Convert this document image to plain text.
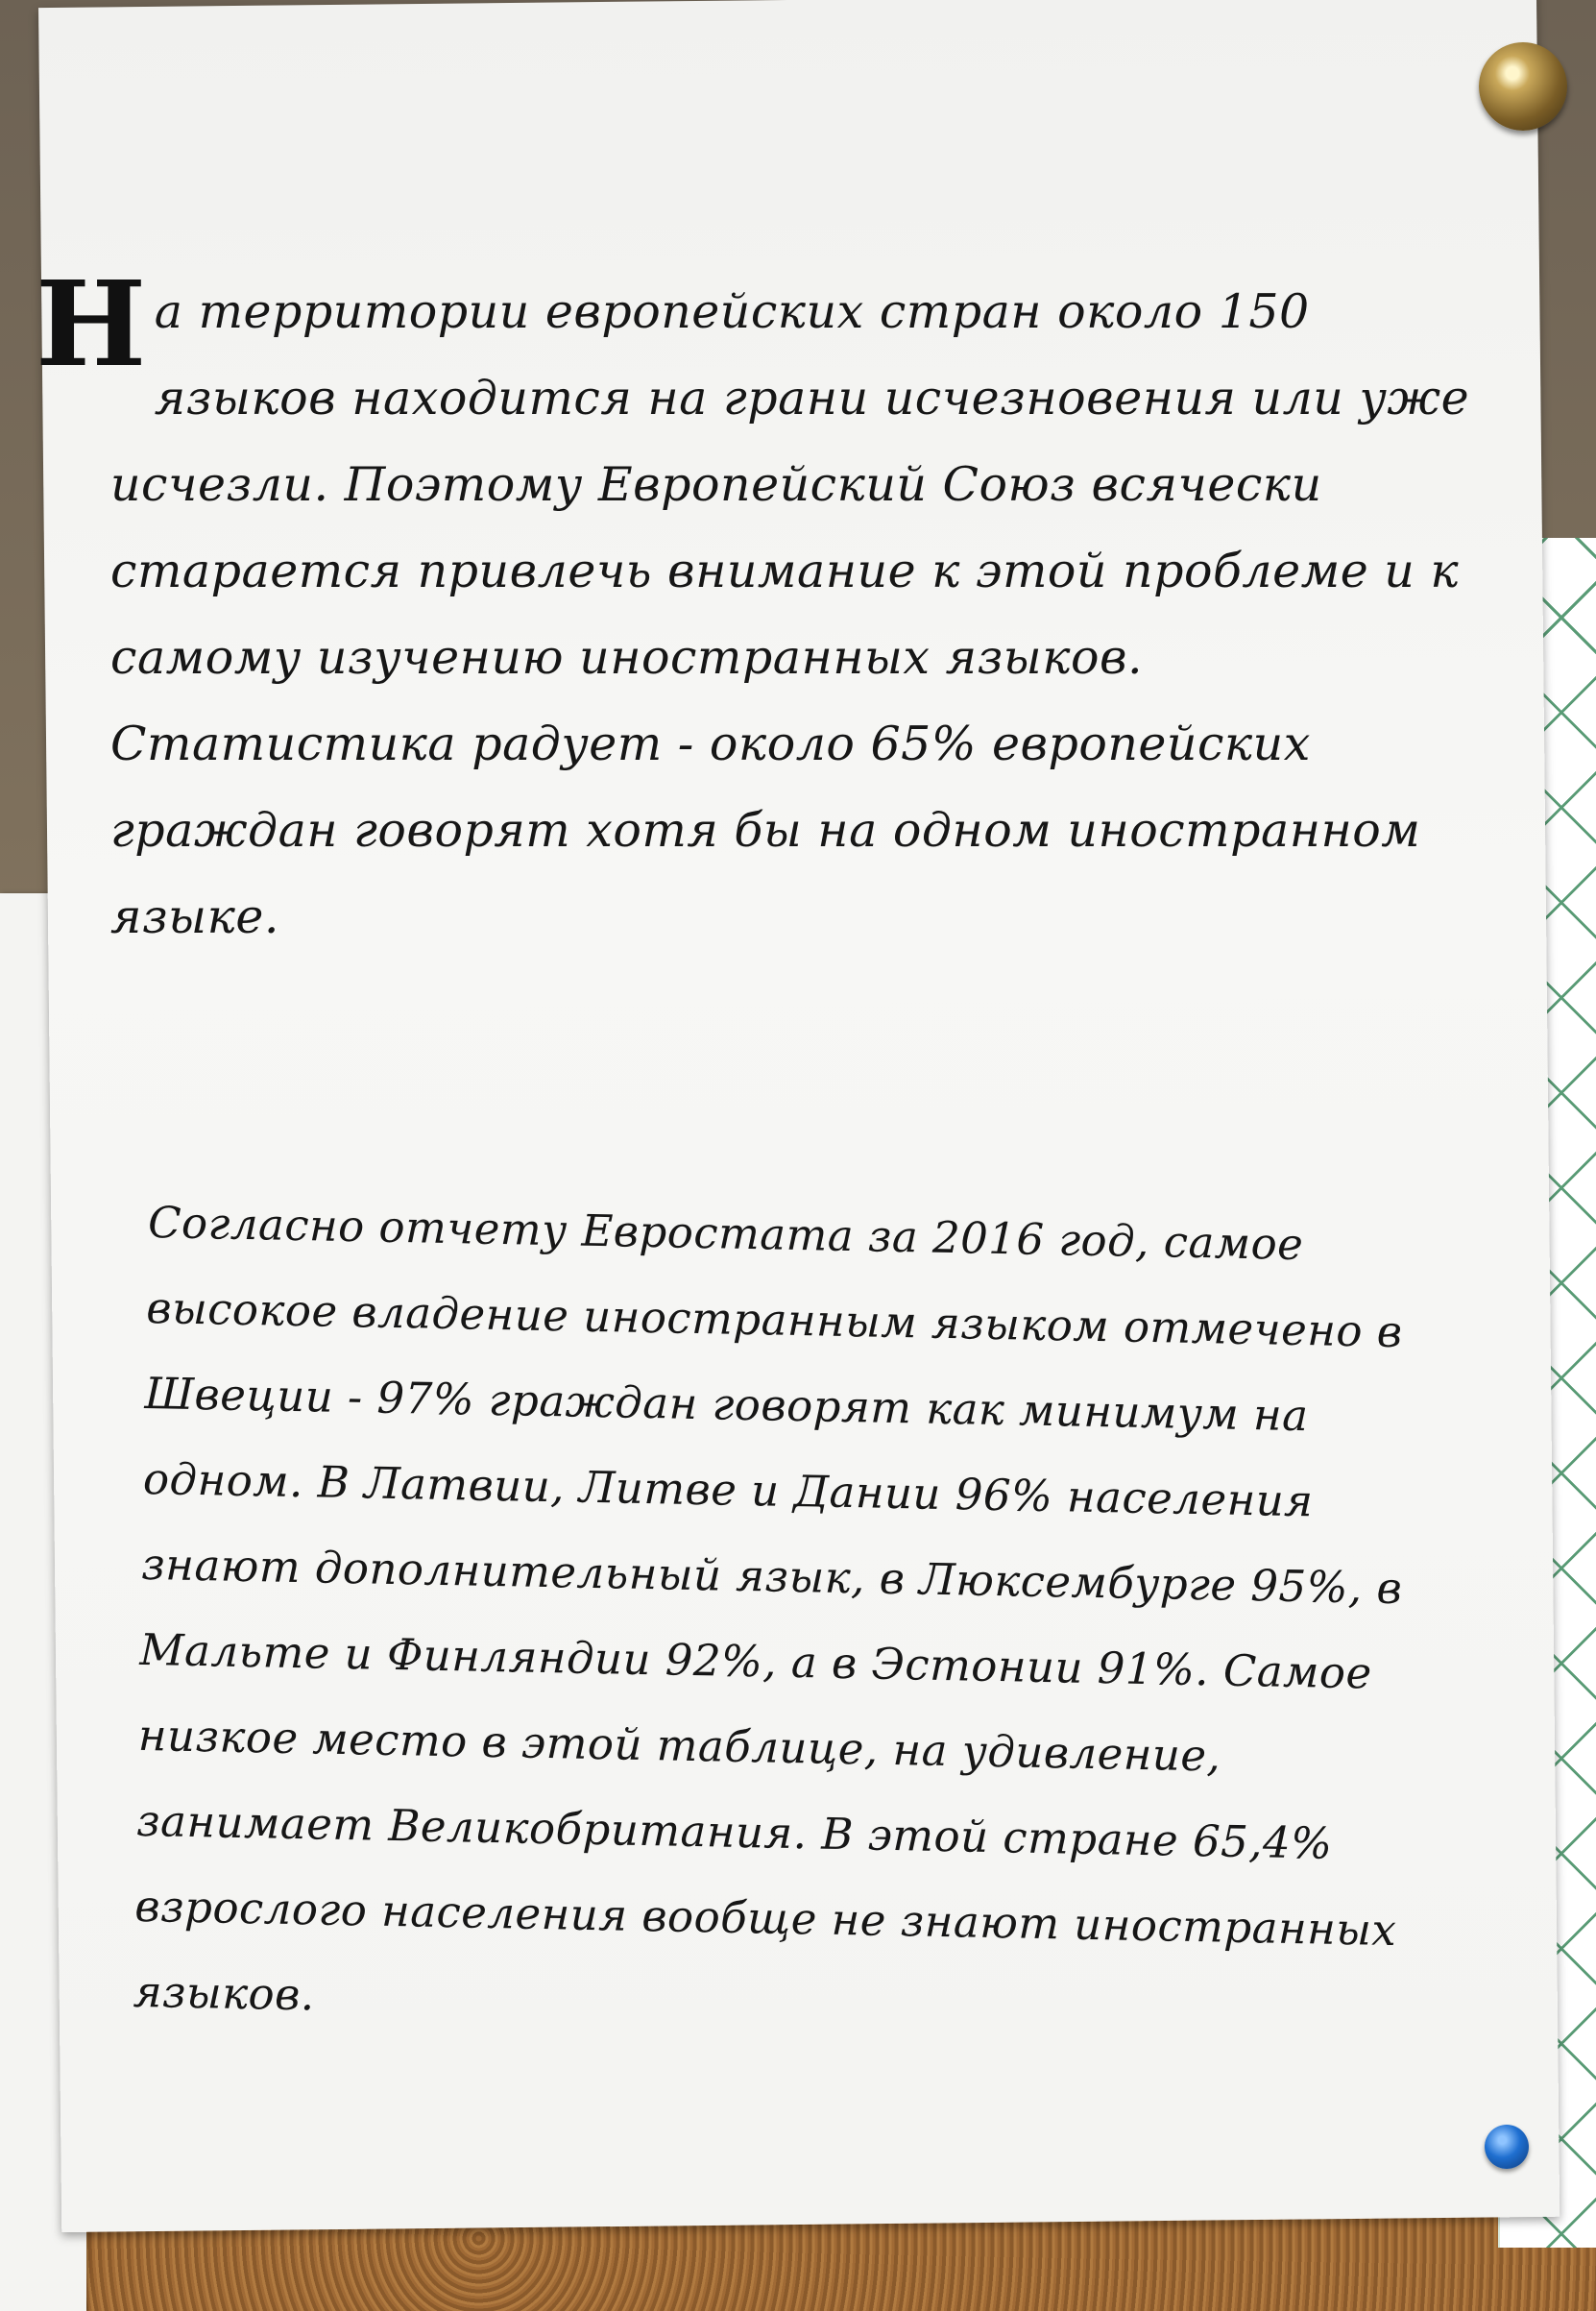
На территории европейских стран около 150 языков находится на грани исчезновения или уже исчезли. Поэтому Европейский Союз всячески старается привлечь внимание к этой проблеме и к самому изучению иностранных языков. Статистика радует - около 65% европейских граждан говорят хотя бы на одном иностранном языке.

Согласно отчету Евростата за 2016 год, самое высокое владение иностранным языком отмечено в Швеции - 97% граждан говорят как минимум на одном. В Латвии, Литве и Дании 96% населения знают дополнительный язык, в Люксембурге 95%, в Мальте и Финляндии 92%, а в Эстонии 91%. Самое низкое место в этой таблице, на удивление, занимает Великобритания. В этой стране 65,4% взрослого населения вообще не знают иностранных языков.
